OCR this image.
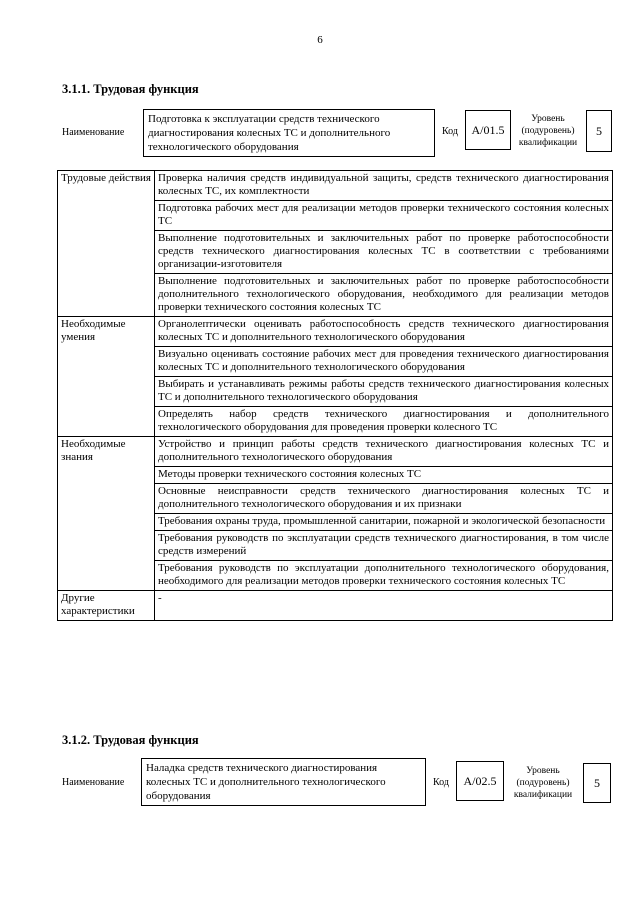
6
3.1.1. Трудовая функция
Наименование
Подготовка к эксплуатации средств технического диагностирования колесных ТС и дополнительного технологического оборудования
Код	A/01.5
Уровень
(подуровень)
квалификации
5
Трудовые действия	Проверка наличия средств индивидуальной защиты, средств технического диагностирования колесных ТС, их комплектности
	Подготовка рабочих мест для реализации методов проверки технического состояния колесных ТС
	Выполнение подготовительных и заключительных работ по проверке работоспособности средств технического диагностирования колесных ТС в соответствии с требованиями организации-изготовителя
	Выполнение подготовительных и заключительных работ по проверке работоспособности дополнительного технологического оборудования, необходимого для реализации методов проверки технического состояния колесных ТС
Необходимые умения	Органолептически оценивать работоспособность средств технического диагностирования колесных ТС и дополнительного технологического оборудования
	Визуально оценивать состояние рабочих мест для проведения технического диагностирования колесных ТС и дополнительного технологического оборудования
	Выбирать и устанавливать режимы работы средств технического диагностирования колесных ТС и дополнительного технологического оборудования
	Определять набор средств технического диагностирования и дополнительного технологического оборудования для проведения проверки колесного ТС
Необходимые знания	Устройство и принцип работы средств технического диагностирования колесных ТС и дополнительного технологического оборудования
	Методы проверки технического состояния колесных ТС
	Основные неисправности средств технического диагностирования колесных ТС и дополнительного технологического оборудования и их признаки
	Требования охраны труда, промышленной санитарии, пожарной и экологической безопасности
	Требования руководств по эксплуатации средств технического диагностирования, в том числе средств измерений
	Требования руководств по эксплуатации дополнительного технологического оборудования, необходимого для реализации методов проверки технического состояния колесных ТС
Другие характеристики	-
3.1.2. Трудовая функция
Наименование
Наладка средств технического диагностирования колесных ТС и дополнительного технологического оборудования
Код	A/02.5
Уровень
(подуровень)
квалификации
5
